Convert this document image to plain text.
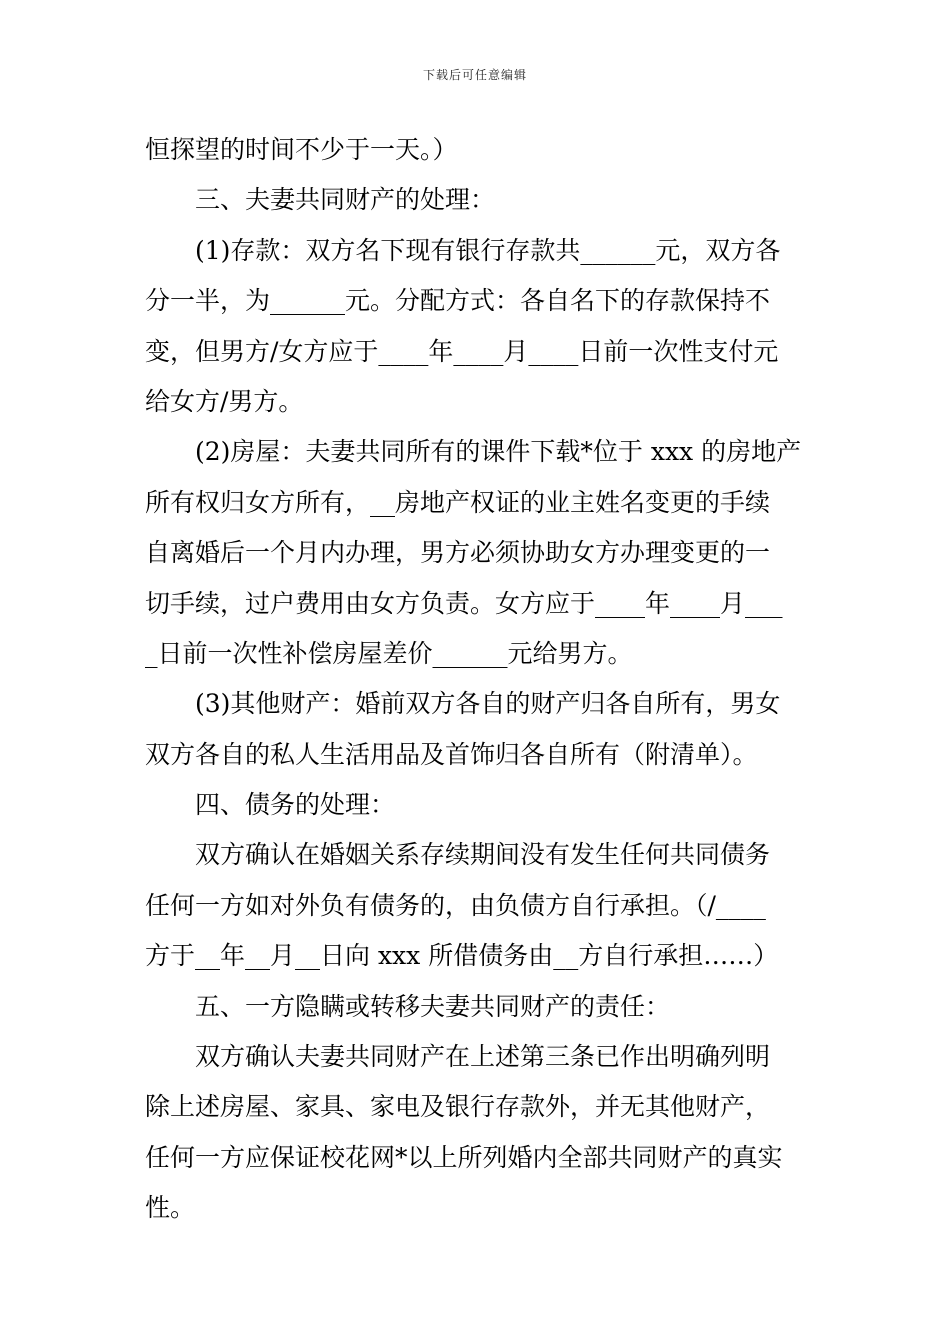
下载后可任意编辑
恒探望的时间不少于一天。）
三、夫妻共同财产的处理：
(1)存款：双方名下现有银行存款共______元，双方各
分一半，为______元。分配方式：各自名下的存款保持不
变，但男方/女方应于____年____月____日前一次性支付元
给女方/男方。
(2)房屋：夫妻共同所有的课件下载*位于 xxx 的房地产
所有权归女方所有，__房地产权证的业主姓名变更的手续
自离婚后一个月内办理，男方必须协助女方办理变更的一
切手续，过户费用由女方负责。女方应于____年____月___
_日前一次性补偿房屋差价______元给男方。
(3)其他财产：婚前双方各自的财产归各自所有，男女
双方各自的私人生活用品及首饰归各自所有（附清单）。
四、债务的处理：
双方确认在婚姻关系存续期间没有发生任何共同债务
任何一方如对外负有债务的，由负债方自行承担。（/____
方于__年__月__日向 xxx 所借债务由__方自行承担……）
五、一方隐瞒或转移夫妻共同财产的责任：
双方确认夫妻共同财产在上述第三条已作出明确列明
除上述房屋、家具、家电及银行存款外，并无其他财产，
任何一方应保证校花网*以上所列婚内全部共同财产的真实
性。
